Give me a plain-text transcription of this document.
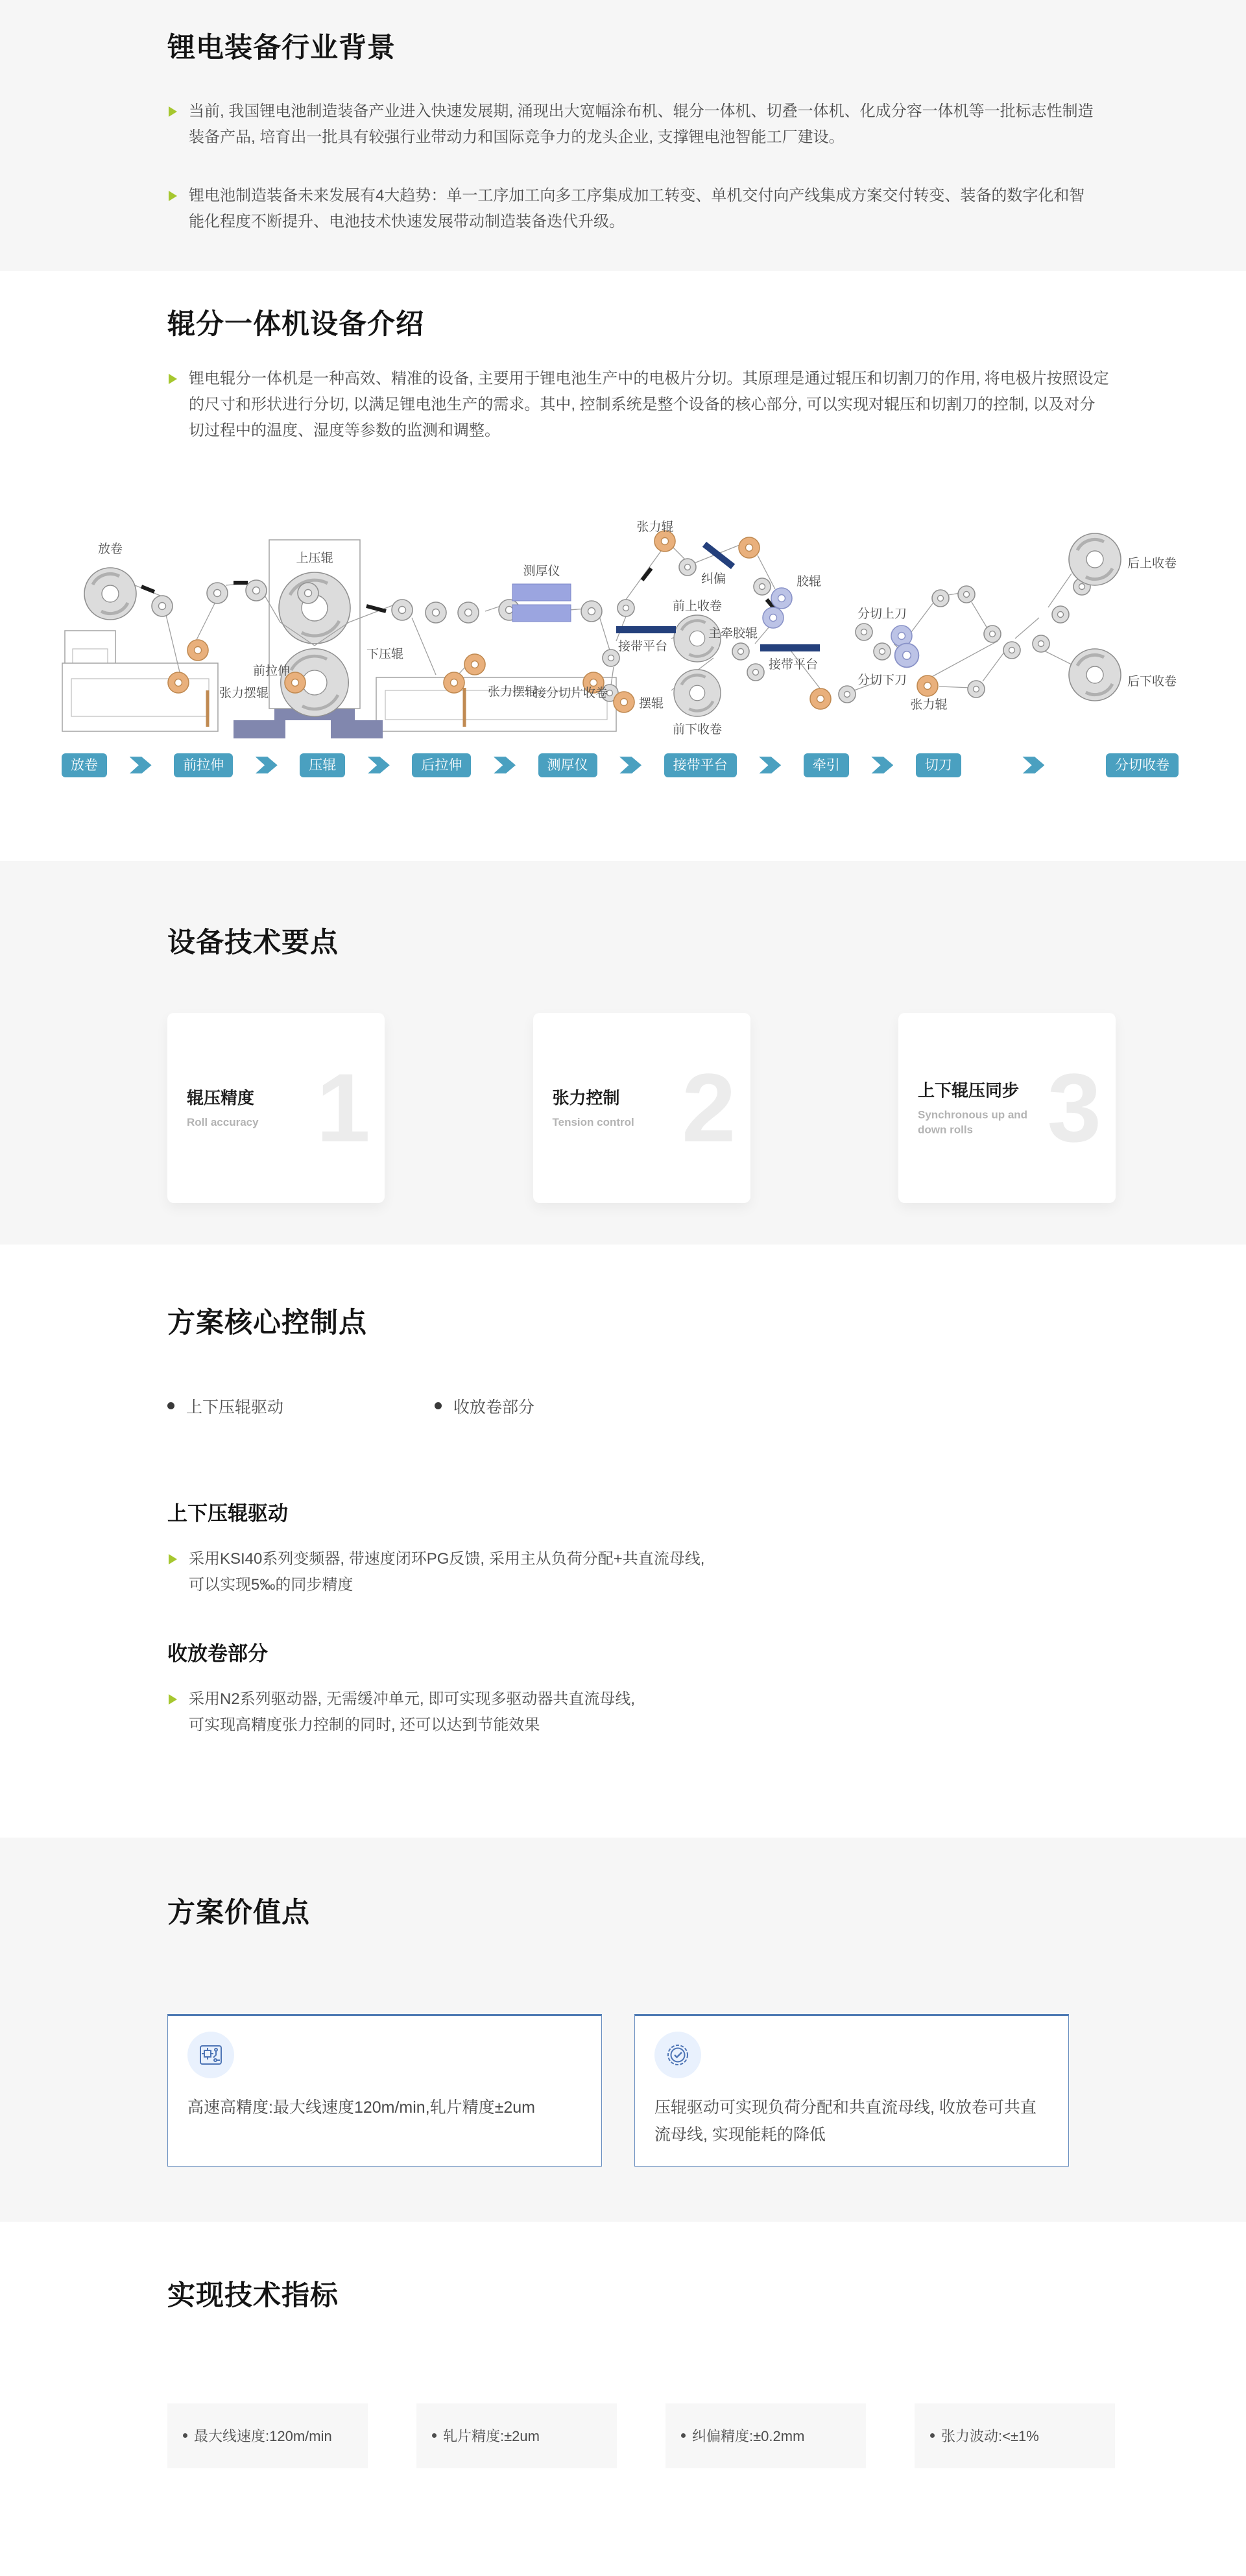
锂电装备行业背景
当前, 我国锂电池制造装备产业进入快速发展期, 涌现出大宽幅涂布机、辊分一体机、切叠一体机、化成分容一体机等一批标志性制造装备产品, 培育出一批具有较强行业带动力和国际竞争力的龙头企业, 支撑锂电池智能工厂建设。
锂电池制造装备未来发展有4大趋势：单一工序加工向多工序集成加工转变、单机交付向产线集成方案交付转变、装备的数字化和智能化程度不断提升、电池技术快速发展带动制造装备迭代升级。
辊分一体机设备介绍
锂电辊分一体机是一种高效、精准的设备, 主要用于锂电池生产中的电极片分切。其原理是通过辊压和切割刀的作用, 将电极片按照设定的尺寸和形状进行分切, 以满足锂电池生产的需求。其中, 控制系统是整个设备的核心部分, 可以实现对辊压和切割刀的控制, 以及对分切过程中的温度、湿度等参数的监测和调整。
上压辊
下压辊
放卷
张力摆辊
前拉伸
张力摆辊
测厚仪
接分切片收卷
张力辊
纠偏	胶辊
主牵胶辊
接带平台
摆辊
前上收卷
前下收卷
接带平台
分切上刀
分切下刀
张力辊
后上收卷
后下收卷
放卷	前拉伸	压辊	后拉伸	测厚仪	接带平台	牵引	切刀	分切收卷
设备技术要点
1
辊压精度
Roll accuracy	2
张力控制
Tension control	3
上下辊压同步
Synchronous up and down rolls
方案核心控制点
上下压辊驱动	收放卷部分
上下压辊驱动
采用KSI40系列变频器, 带速度闭环PG反馈, 采用主从负荷分配+共直流母线,
可以实现5‰的同步精度
收放卷部分
采用N2系列驱动器, 无需缓冲单元, 即可实现多驱动器共直流母线,
可实现高精度张力控制的同时, 还可以达到节能效果
方案价值点
高速高精度:最大线速度120m/min,轧片精度±2um	压辊驱动可实现负荷分配和共直流母线, 收放卷可共直流母线, 实现能耗的降低
实现技术指标
最大线速度:120m/min	轧片精度:±2um	纠偏精度:±0.2mm	张力波动:<±1%
